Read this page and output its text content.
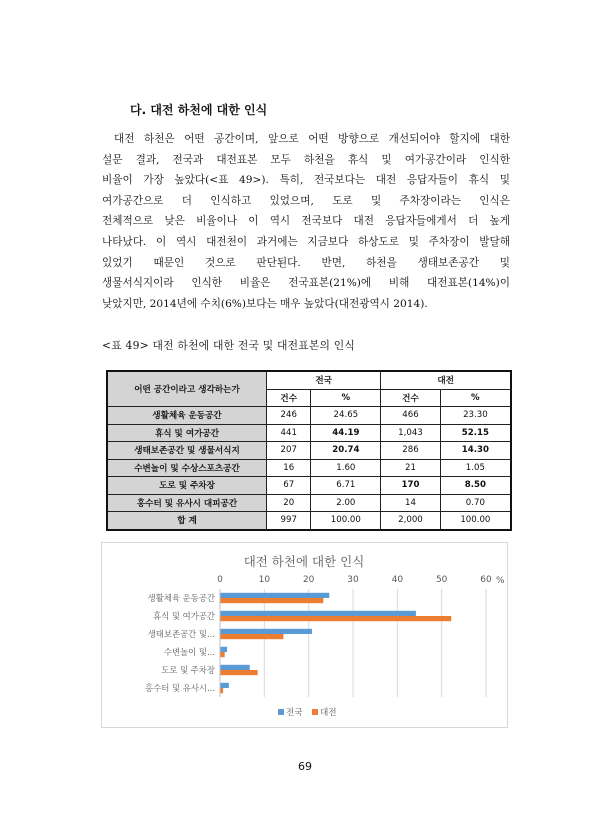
다. 대전 하천에 대한 인식
대전 하천은 어떤 공간이며, 앞으로 어떤 방향으로 개선되어야 할지에 대한
설문 결과, 전국과 대전표본 모두 하천을 휴식 및 여가공간이라 인식한
비율이 가장 높았다(<표 49>). 특히, 전국보다는 대전 응답자들이 휴식 및
여가공간으로 더 인식하고 있었으며, 도로 및 주차장이라는 인식은
전체적으로 낮은 비율이나 이 역시 전국보다 대전 응답자들에게서 더 높게
나타났다. 이 역시 대전천이 과거에는 지금보다 하상도로 및 주차장이 발달해
있었기 때문인 것으로 판단된다. 반면, 하천을 생태보존공간 및
생물서식지이라 인식한 비율은 전국표본(21%)에 비해 대전표본(14%)이
낮았지만, 2014년에 수치(6%)보다는 매우 높았다(대전광역시 2014).
<표 49> 대전 하천에 대한 전국 및 대전표본의 인식
어떤 공간이라고 생각하는가	전국		대전	
	건수	%	건수	%
생활체육 운동공간	246	24.65	466	23.30
휴식 및 여가공간	441	44.19	1,043	52.15
생태보존공간 및 생물서식지	207	20.74	286	14.30
수변놀이 및 수상스포츠공간	16	1.60	21	1.05
도로 및 주차장	67	6.71	170	8.50
홍수터 및 유사시 대피공간	20	2.00	14	0.70
합 계	997	100.00	2,000	100.00
대전 하천에 대한 인식
0	10	20	30	40	50	60 %
생활체육 운동공간
휴식 및 여가공간
생태보존공간 및...
수변놀이 및...
도로 및 주차장
홍수터 및 유사시...
전국 대전
69
